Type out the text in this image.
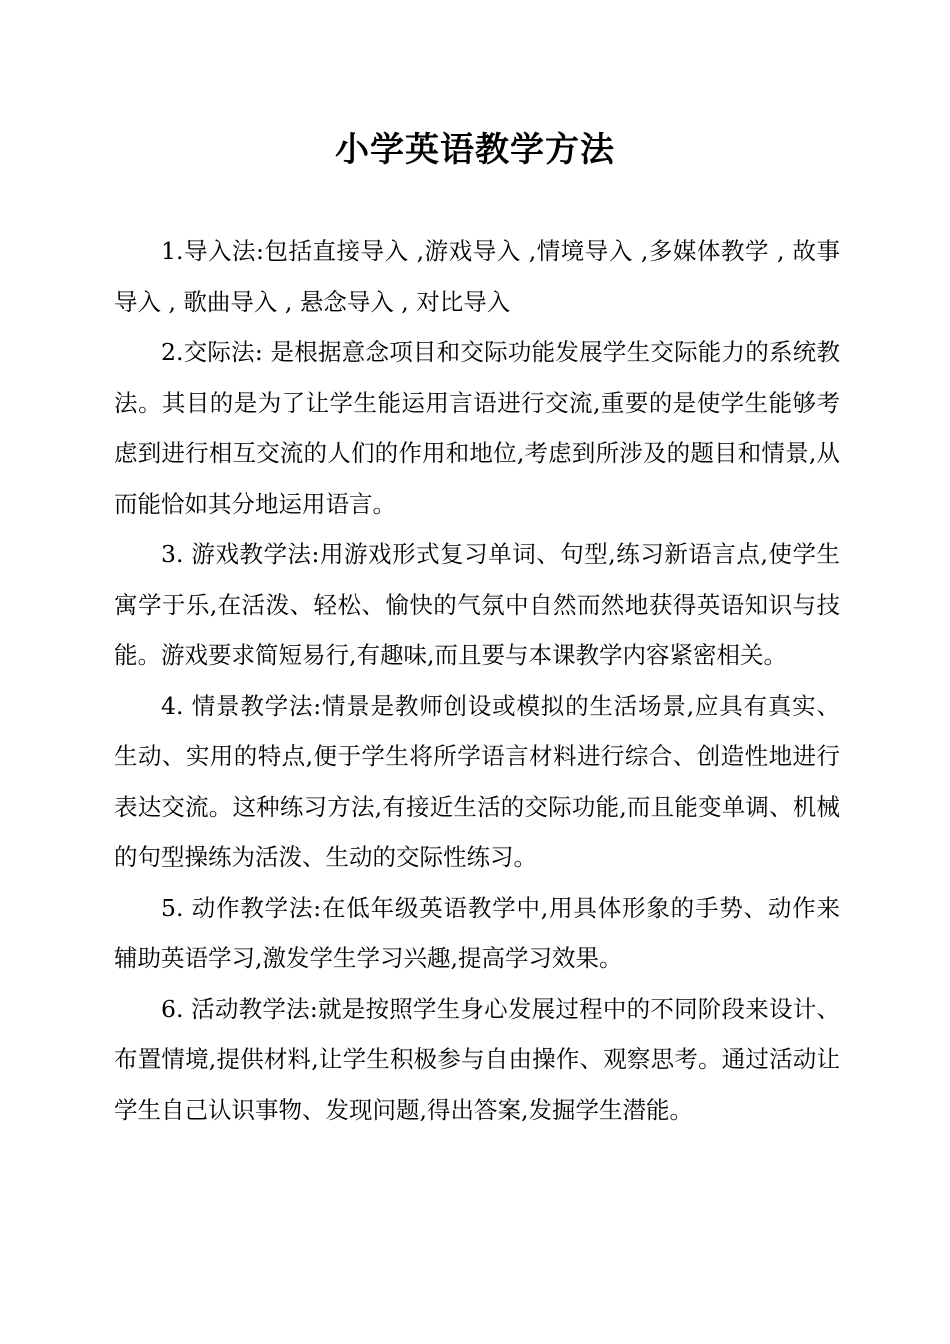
小学英语教学方法

1.导入法:包括直接导入 ,游戏导入 ,情境导入 ,多媒体教学 , 故事导入 , 歌曲导入 , 悬念导入 , 对比导入

2.交际法: 是根据意念项目和交际功能发展学生交际能力的系统教法。其目的是为了让学生能运用言语进行交流,重要的是使学生能够考虑到进行相互交流的人们的作用和地位,考虑到所涉及的题目和情景,从而能恰如其分地运用语言。

3. 游戏教学法:用游戏形式复习单词、句型,练习新语言点,使学生寓学于乐,在活泼、轻松、愉快的气氛中自然而然地获得英语知识与技能。游戏要求简短易行,有趣味,而且要与本课教学内容紧密相关。

4. 情景教学法:情景是教师创设或模拟的生活场景,应具有真实、生动、实用的特点,便于学生将所学语言材料进行综合、创造性地进行表达交流。这种练习方法,有接近生活的交际功能,而且能变单调、机械的句型操练为活泼、生动的交际性练习。

5. 动作教学法:在低年级英语教学中,用具体形象的手势、动作来辅助英语学习,激发学生学习兴趣,提高学习效果。

6. 活动教学法:就是按照学生身心发展过程中的不同阶段来设计、布置情境,提供材料,让学生积极参与自由操作、观察思考。通过活动让学生自己认识事物、发现问题,得出答案,发掘学生潜能。
